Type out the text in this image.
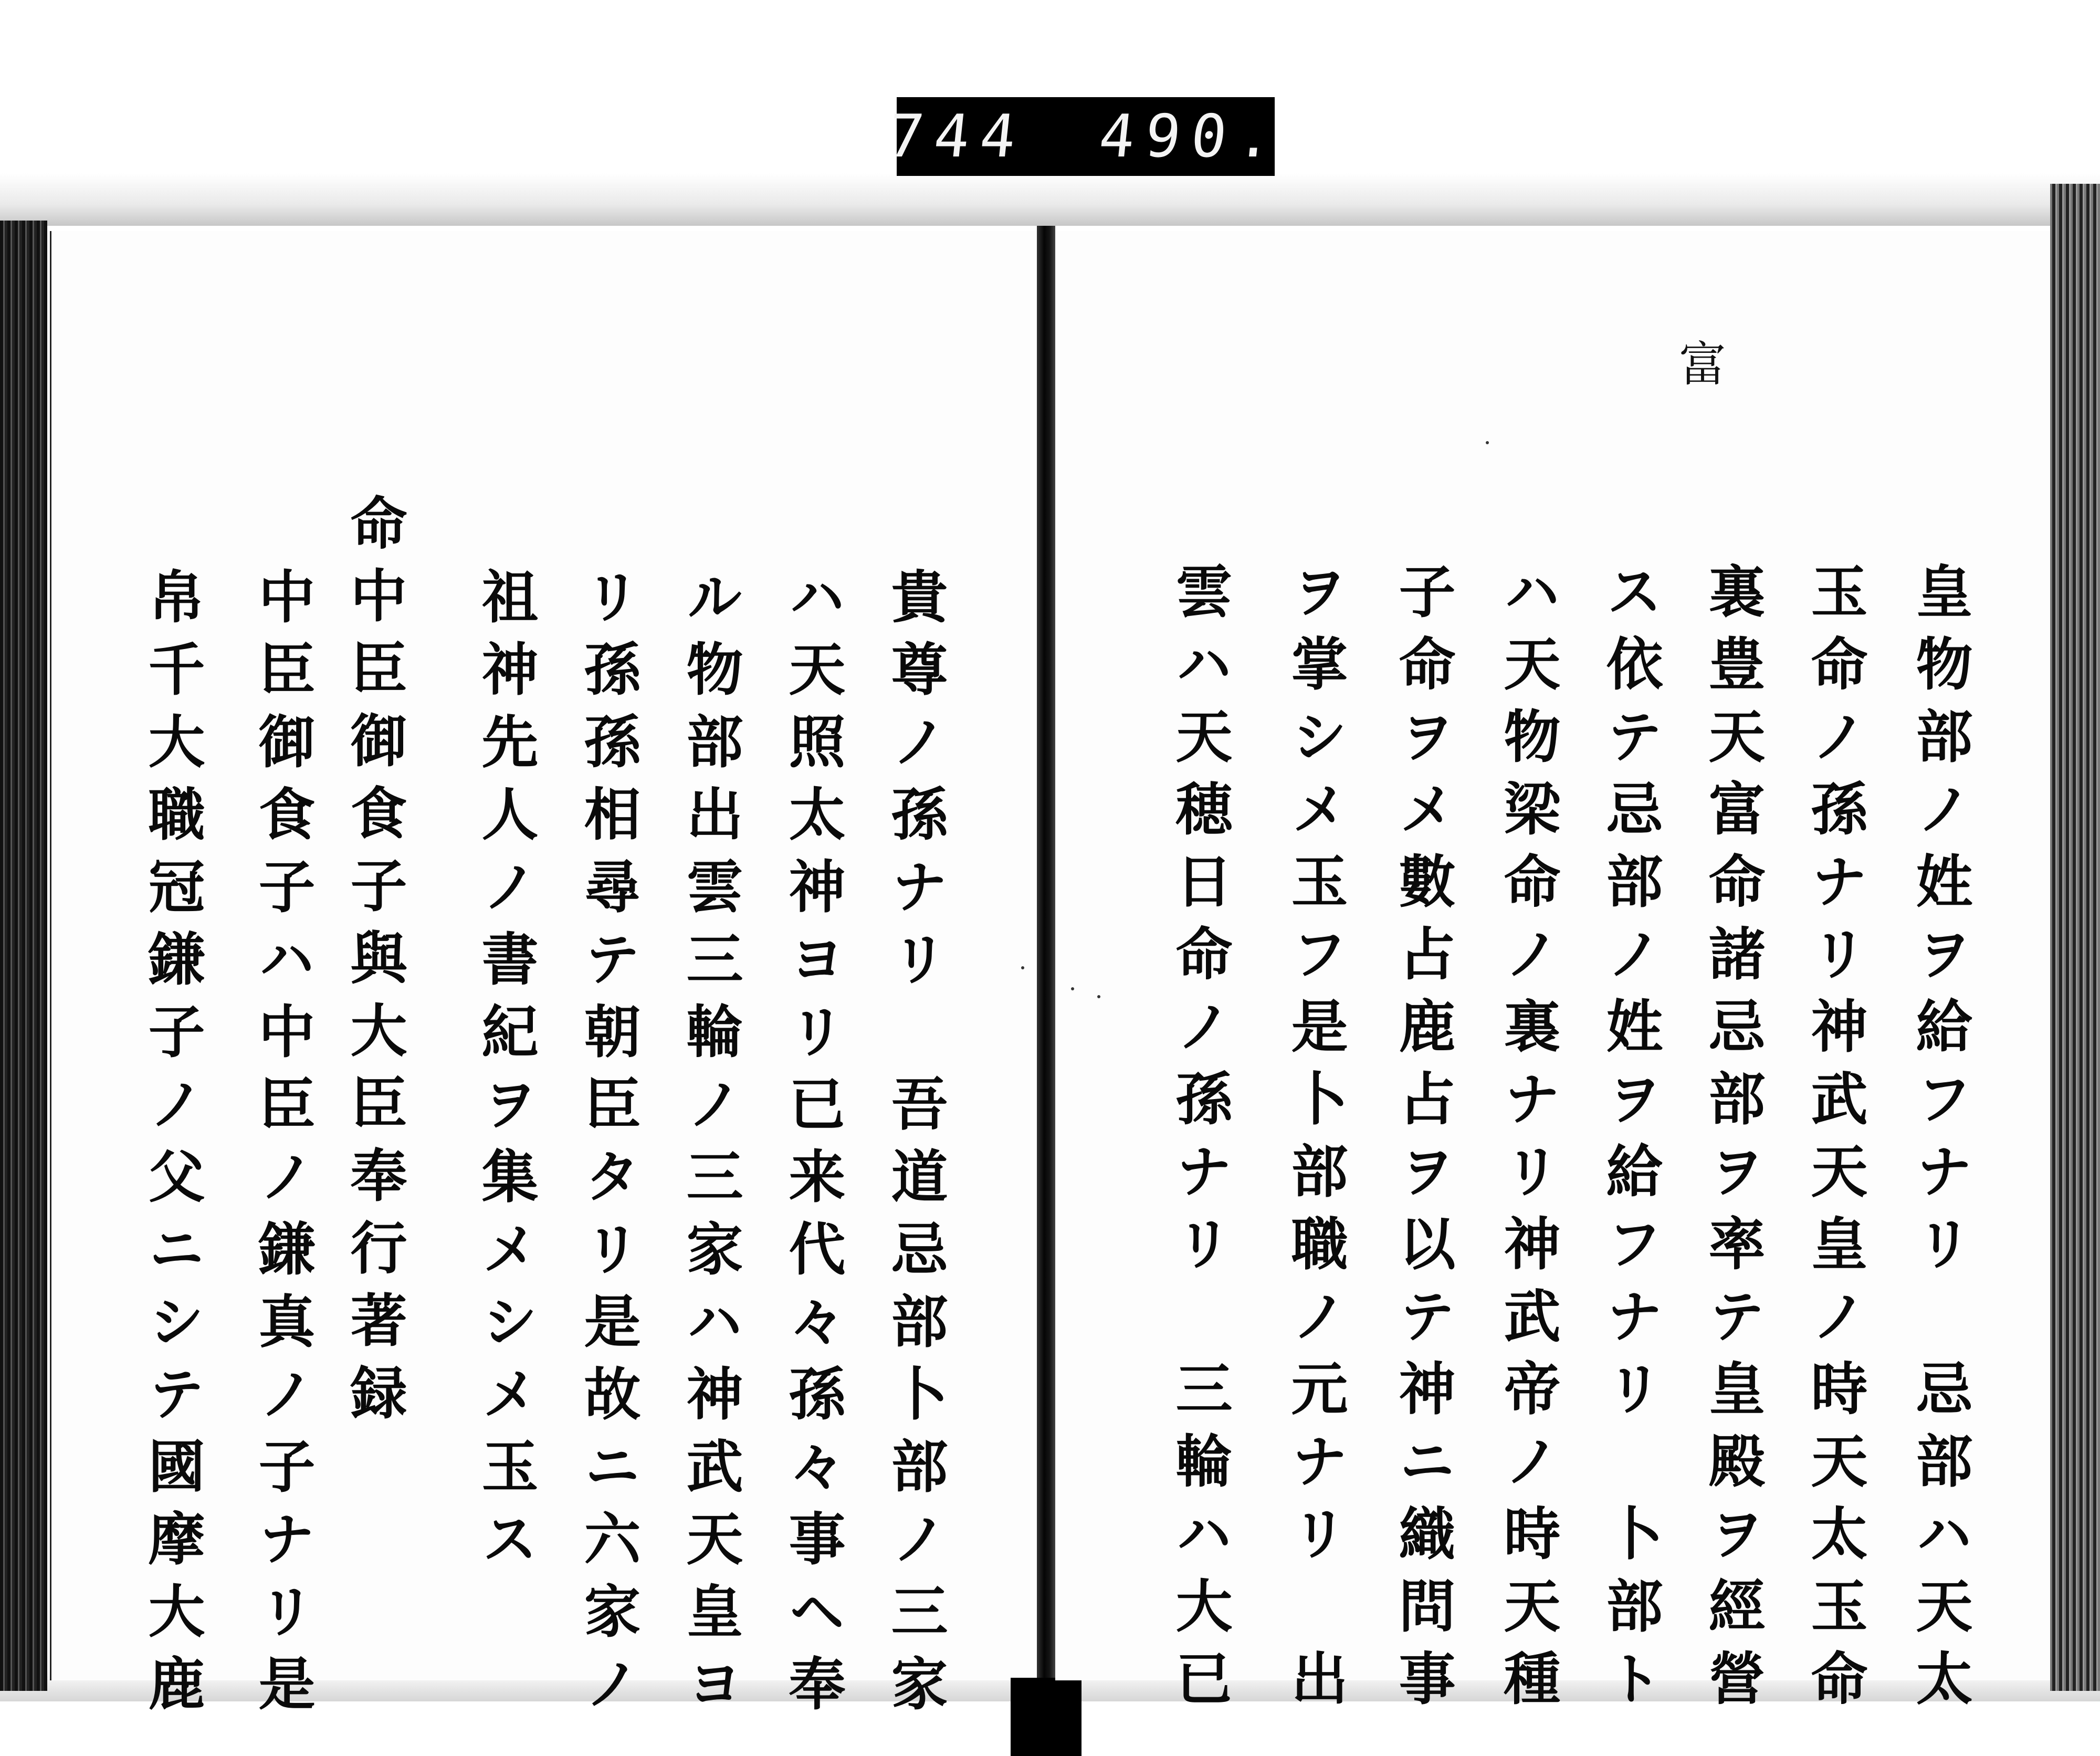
744 490.
貴尊ノ孫ナリ　吾道忌部卜部ノ三家
ハ天照太神ヨリ已来代々孫々事ヘ奉
ル物部出雲三輪ノ三家ハ神武天皇ヨ
リ孫孫相尋テ朝臣タリ是故ニ六家ノ
祖神先人ノ書紀ヲ集メシメ玉ス
命中臣御食子與大臣奉行著録
中臣御食子ハ中臣ノ鎌真ノ子ナリ是
帛千大職冠鎌子ノ父ニシテ國摩大鹿
富
皇物部ノ姓ヲ給フナリ　忌部ハ天太
玉命ノ孫ナリ神武天皇ノ時天太玉命
裏豊天富命諸忌部ヲ率テ皇殿ヲ經營
ス依テ忌部ノ姓ヲ給フナリ　卜部ト
ハ天物梁命ノ裏ナリ神武帝ノ時天種
子命ヲメ數占鹿占ヲ以テ神ニ織問事
ヲ掌シメ玉フ是卜部職ノ元ナリ　出
雲ハ天穂日命ノ孫ナリ　三輪ハ大已
